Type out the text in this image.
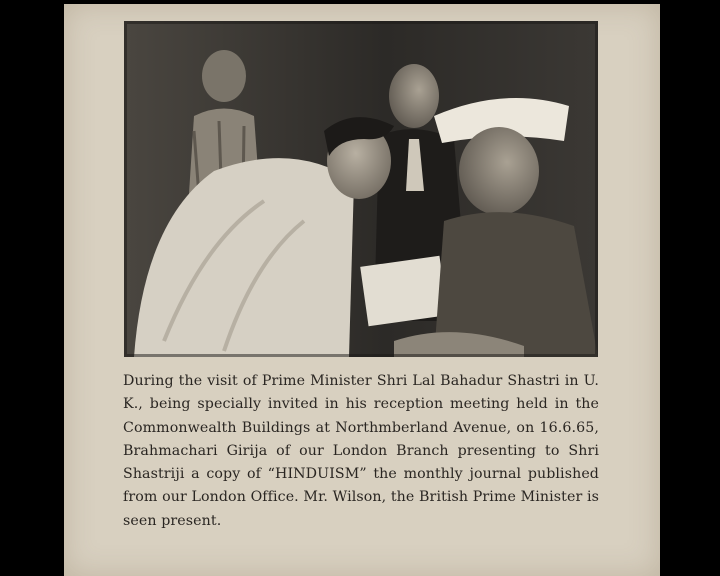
During the visit of Prime Minister Shri Lal Bahadur Shastri in U. K., being specially invited in his reception meeting held in the Commonwealth Buildings at Northmberland Avenue, on 16.6.65, Brahmachari Girija of our London Branch presenting to Shri Shastriji a copy of “HINDUISM” the monthly journal published from our London Office. Mr. Wilson, the British Prime Minister is seen present.
